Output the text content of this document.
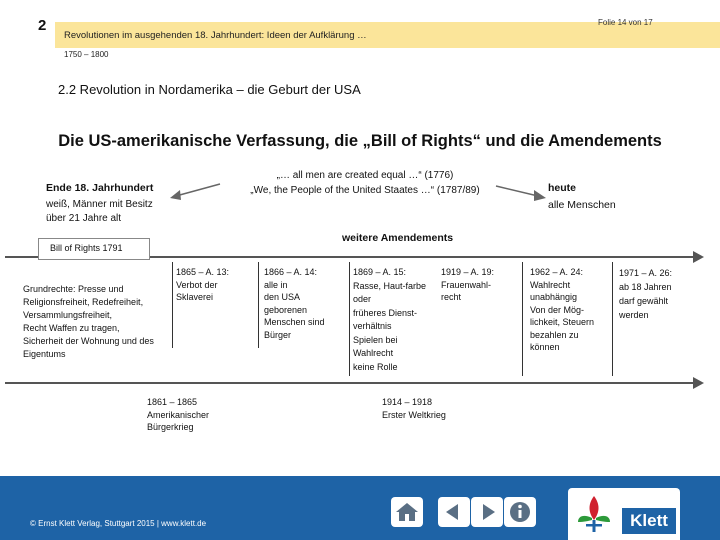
2	Folie 14 von 17
Revolutionen im ausgehenden 18. Jahrhundert: Ideen der Aufklärung …
1750 – 1800
2.2 Revolution in Nordamerika – die Geburt der USA
Die US-amerikanische Verfassung, die „Bill of Rights“ und die Amendements
Ende 18. Jahrhundert
weiß, Männer mit Besitz
über 21 Jahre alt
„… all men are created equal …“ (1776)
„We, the People of the United Staates …“ (1787/89)	heute
alle Menschen
weitere Amendements
Bill of Rights 1791
Grundrechte: Presse und
Religionsfreiheit, Redefreiheit,
Versammlungsfreiheit,
Recht Waffen zu tragen,
Sicherheit der Wohnung und des
Eigentums
1865 – A. 13:
Verbot der
Sklaverei
1866 – A. 14:
alle in
den USA
geborenen
Menschen sind
Bürger
1869 – A. 15:
Rasse, Haut-farbe
oder
früheres Dienst-
verhältnis
Spielen bei
Wahlrecht
keine Rolle
1919 – A. 19:
Frauenwahl-
recht
1962 – A. 24:
Wahlrecht
unabhängig
Von der Mög-
lichkeit, Steuern
bezahlen zu
können
1971 – A. 26:
ab 18 Jahren
darf gewählt
werden
1861 – 1865
Amerikanischer
Bürgerkrieg
1914 – 1918
Erster Weltkrieg
© Ernst Klett Verlag, Stuttgart 2015 | www.klett.de	Klett
